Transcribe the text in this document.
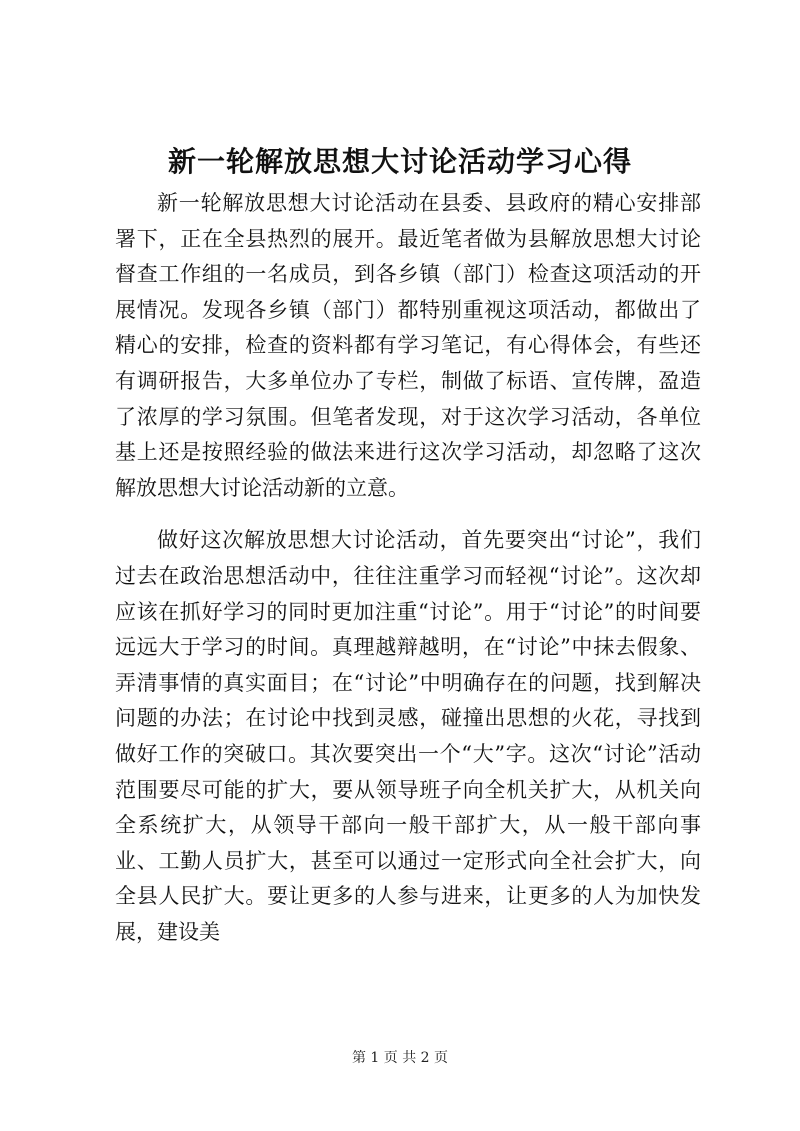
新一轮解放思想大讨论活动学习心得

新一轮解放思想大讨论活动在县委、县政府的精心安排部署下，正在全县热烈的展开。最近笔者做为县解放思想大讨论督查工作组的一名成员，到各乡镇（部门）检查这项活动的开展情况。发现各乡镇（部门）都特别重视这项活动，都做出了精心的安排，检查的资料都有学习笔记，有心得体会，有些还有调研报告，大多单位办了专栏，制做了标语、宣传牌，盈造了浓厚的学习氛围。但笔者发现，对于这次学习活动，各单位基上还是按照经验的做法来进行这次学习活动，却忽略了这次解放思想大讨论活动新的立意。

做好这次解放思想大讨论活动，首先要突出“讨论”，我们过去在政治思想活动中，往往注重学习而轻视“讨论”。这次却应该在抓好学习的同时更加注重“讨论”。用于“讨论”的时间要远远大于学习的时间。真理越辩越明，在“讨论”中抹去假象、弄清事情的真实面目；在“讨论”中明确存在的问题，找到解决问题的办法；在讨论中找到灵感，碰撞出思想的火花，寻找到做好工作的突破口。其次要突出一个“大”字。这次“讨论”活动范围要尽可能的扩大，要从领导班子向全机关扩大，从机关向全系统扩大，从领导干部向一般干部扩大，从一般干部向事业、工勤人员扩大，甚至可以通过一定形式向全社会扩大，向全县人民扩大。要让更多的人参与进来，让更多的人为加快发展，建设美

第 1 页 共 2 页
